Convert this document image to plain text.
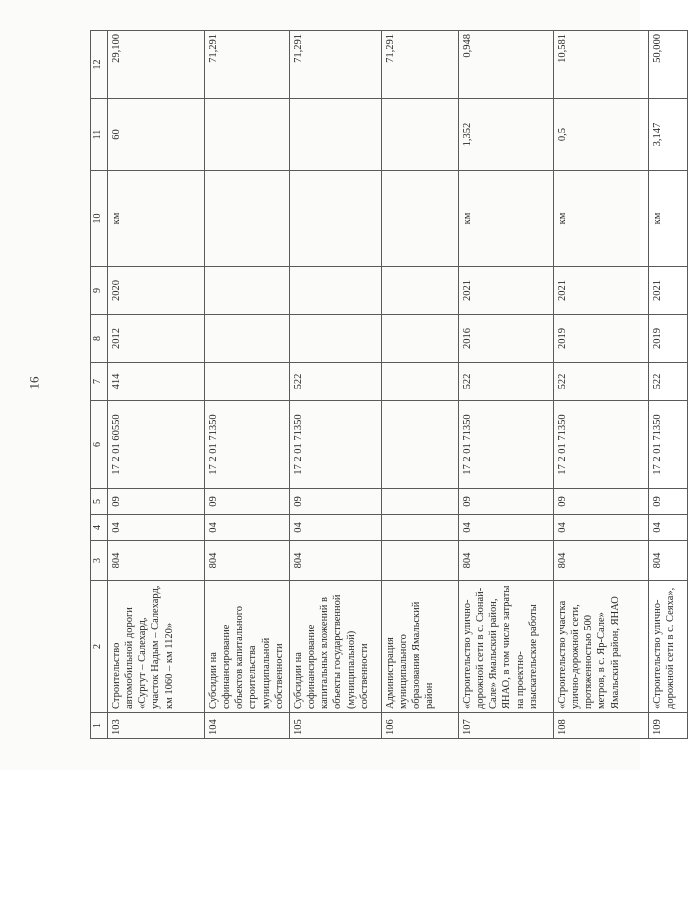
16
1	2	3	4	5	6	7	8	9	10	11	12
103	Строительство автомобильной дороги «Сургут – Салехард, участок Надым – Салехард, км 1060 – км 1120»	804	04	09	17 2 01 60550	414	2012	2020	км	60	29,100
104	Субсидии на софинансирование объектов капитального строительства муниципальной собственности	804	04	09	17 2 01 71350						71,291
105	Субсидии на софинансирование капитальных вложений в объекты государственной (муниципальной) собственности	804	04	09	17 2 01 71350	522					71,291
106	Администрация муниципального образования Ямальский район										71,291
107	«Строительство улично-дорожной сети в с. Сюнай-Сале» Ямальский район, ЯНАО, в том числе затраты на проектно-изыскательские работы	804	04	09	17 2 01 71350	522	2016	2021	км	1,352	0,948
108	«Строительство участка улично-дорожной сети, протяженностью 500 метров, в с. Яр-Сале» Ямальский район, ЯНАО	804	04	09	17 2 01 71350	522	2019	2021	км	0,5	10,581
109	«Строительство улично-дорожной сети в с. Сеяха»,	804	04	09	17 2 01 71350	522	2019	2021	км	3,147	50,000
